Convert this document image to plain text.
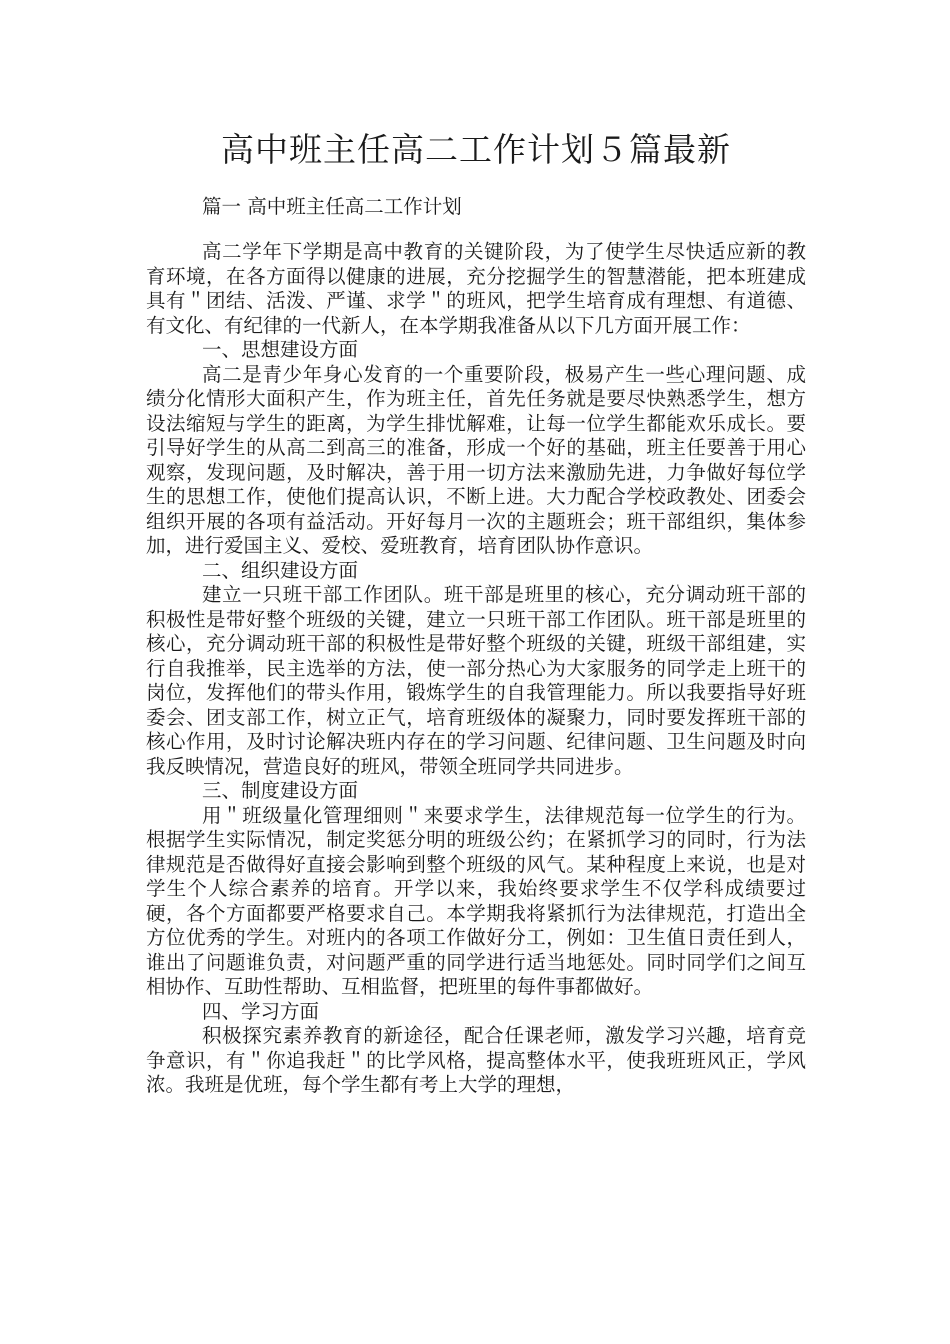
高中班主任高二工作计划５篇最新

篇一 高中班主任高二工作计划

高二学年下学期是高中教育的关键阶段，为了使学生尽快适应新的教育环境，在各方面得以健康的进展，充分挖掘学生的智慧潜能，把本班建成具有＂团结、活泼、严谨、求学＂的班风，把学生培育成有理想、有道德、有文化、有纪律的一代新人，在本学期我准备从以下几方面开展工作：

一、思想建设方面

高二是青少年身心发育的一个重要阶段，极易产生一些心理问题、成绩分化情形大面积产生，作为班主任，首先任务就是要尽快熟悉学生，想方设法缩短与学生的距离，为学生排忧解难，让每一位学生都能欢乐成长。要引导好学生的从高二到高三的准备，形成一个好的基础，班主任要善于用心观察，发现问题，及时解决，善于用一切方法来激励先进，力争做好每位学生的思想工作，使他们提高认识，不断上进。大力配合学校政教处、团委会组织开展的各项有益活动。开好每月一次的主题班会；班干部组织，集体参加，进行爱国主义、爱校、爱班教育，培育团队协作意识。

二、组织建设方面

建立一只班干部工作团队。班干部是班里的核心，充分调动班干部的积极性是带好整个班级的关键，建立一只班干部工作团队。班干部是班里的核心，充分调动班干部的积极性是带好整个班级的关键，班级干部组建，实行自我推举，民主选举的方法，使一部分热心为大家服务的同学走上班干的岗位，发挥他们的带头作用，锻炼学生的自我管理能力。所以我要指导好班委会、团支部工作，树立正气，培育班级体的凝聚力，同时要发挥班干部的核心作用，及时讨论解决班内存在的学习问题、纪律问题、卫生问题及时向我反映情况，营造良好的班风，带领全班同学共同进步。

三、制度建设方面

用＂班级量化管理细则＂来要求学生，法律规范每一位学生的行为。根据学生实际情况，制定奖惩分明的班级公约；在紧抓学习的同时，行为法律规范是否做得好直接会影响到整个班级的风气。某种程度上来说，也是对学生个人综合素养的培育。开学以来，我始终要求学生不仅学科成绩要过硬，各个方面都要严格要求自己。本学期我将紧抓行为法律规范，打造出全方位优秀的学生。对班内的各项工作做好分工，例如：卫生值日责任到人，谁出了问题谁负责，对问题严重的同学进行适当地惩处。同时同学们之间互相协作、互助性帮助、互相监督，把班里的每件事都做好。

四、学习方面

积极探究素养教育的新途径，配合任课老师，激发学习兴趣，培育竞争意识，有＂你追我赶＂的比学风格，提高整体水平，使我班班风正，学风浓。我班是优班，每个学生都有考上大学的理想，
